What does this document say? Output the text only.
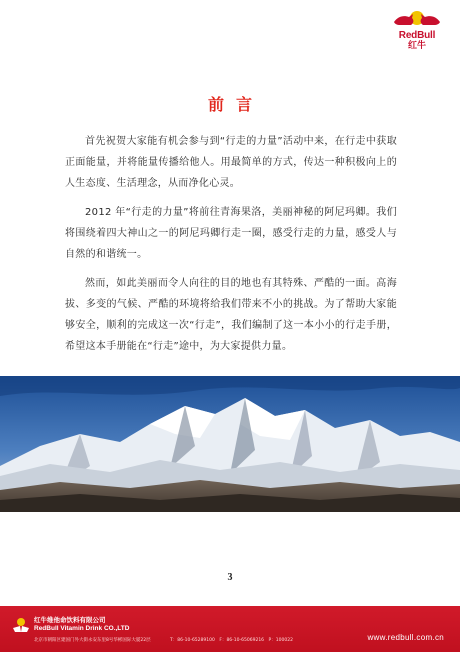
RedBull
红牛
前言

首先祝贺大家能有机会参与到“行走的力量”活动中来，在行走中获取正面能量，并将能量传播给他人。用最简单的方式，传达一种积极向上的人生态度、生活理念，从而净化心灵。

2012 年“行走的力量”将前往青海果洛，美丽神秘的阿尼玛卿。我们将围绕着四大神山之一的阿尼玛卿行走一圈，感受行走的力量，感受人与自然的和谐统一。

然而，如此美丽而令人向往的目的地也有其特殊、严酷的一面。高海拔、多变的气候、严酷的环境将给我们带来不小的挑战。为了帮助大家能够安全，顺利的完成这一次“行走”，我们编制了这一本小小的行走手册，希望这本手册能在“行走”途中，为大家提供力量。

3
红牛维他命饮料有限公司
RedBull Vitamin Drink CO.,LTD
北京市朝阳区建国门外大街永安东里8号华彬国际大厦22层	T：86-10-65289100　F：86-10-65069216　P：100022	www.redbull.com.cn
